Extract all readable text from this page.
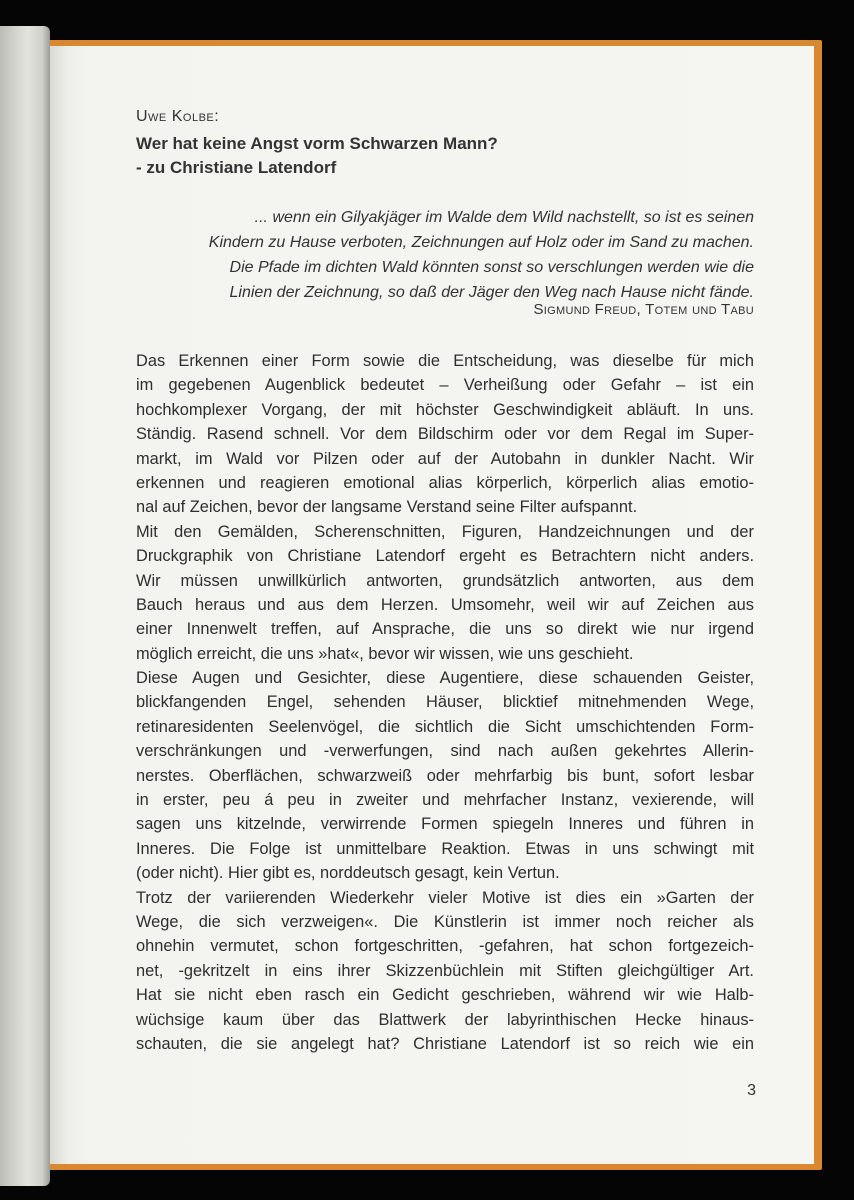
Uwe Kolbe:
Wer hat keine Angst vorm Schwarzen Mann?
- zu Christiane Latendorf
... wenn ein Gilyakjäger im Walde dem Wild nachstellt, so ist es seinen
Kindern zu Hause verboten, Zeichnungen auf Holz oder im Sand zu machen.
Die Pfade im dichten Wald könnten sonst so verschlungen werden wie die
Linien der Zeichnung, so daß der Jäger den Weg nach Hause nicht fände.
Sigmund Freud, Totem und Tabu
Das Erkennen einer Form sowie die Entscheidung, was dieselbe für mich
im gegebenen Augenblick bedeutet – Verheißung oder Gefahr – ist ein
hochkomplexer Vorgang, der mit höchster Geschwindigkeit abläuft. In uns.
Ständig. Rasend schnell. Vor dem Bildschirm oder vor dem Regal im Super-
markt, im Wald vor Pilzen oder auf der Autobahn in dunkler Nacht. Wir
erkennen und reagieren emotional alias körperlich, körperlich alias emotio-
nal auf Zeichen, bevor der langsame Verstand seine Filter aufspannt.
Mit den Gemälden, Scherenschnitten, Figuren, Handzeichnungen und der
Druckgraphik von Christiane Latendorf ergeht es Betrachtern nicht anders.
Wir müssen unwillkürlich antworten, grundsätzlich antworten, aus dem
Bauch heraus und aus dem Herzen. Umsomehr, weil wir auf Zeichen aus
einer Innenwelt treffen, auf Ansprache, die uns so direkt wie nur irgend
möglich erreicht, die uns »hat«, bevor wir wissen, wie uns geschieht.
Diese Augen und Gesichter, diese Augentiere, diese schauenden Geister,
blickfangenden Engel, sehenden Häuser, blicktief mitnehmenden Wege,
retinaresidenten Seelenvögel, die sichtlich die Sicht umschichtenden Form-
verschränkungen und -verwerfungen, sind nach außen gekehrtes Allerin-
nerstes. Oberflächen, schwarzweiß oder mehrfarbig bis bunt, sofort lesbar
in erster, peu á peu in zweiter und mehrfacher Instanz, vexierende, will
sagen uns kitzelnde, verwirrende Formen spiegeln Inneres und führen in
Inneres. Die Folge ist unmittelbare Reaktion. Etwas in uns schwingt mit
(oder nicht). Hier gibt es, norddeutsch gesagt, kein Vertun.
Trotz der variierenden Wiederkehr vieler Motive ist dies ein »Garten der
Wege, die sich verzweigen«. Die Künstlerin ist immer noch reicher als
ohnehin vermutet, schon fortgeschritten, -gefahren, hat schon fortgezeich-
net, -gekritzelt in eins ihrer Skizzenbüchlein mit Stiften gleichgültiger Art.
Hat sie nicht eben rasch ein Gedicht geschrieben, während wir wie Halb-
wüchsige kaum über das Blattwerk der labyrinthischen Hecke hinaus-
schauten, die sie angelegt hat? Christiane Latendorf ist so reich wie ein
3
